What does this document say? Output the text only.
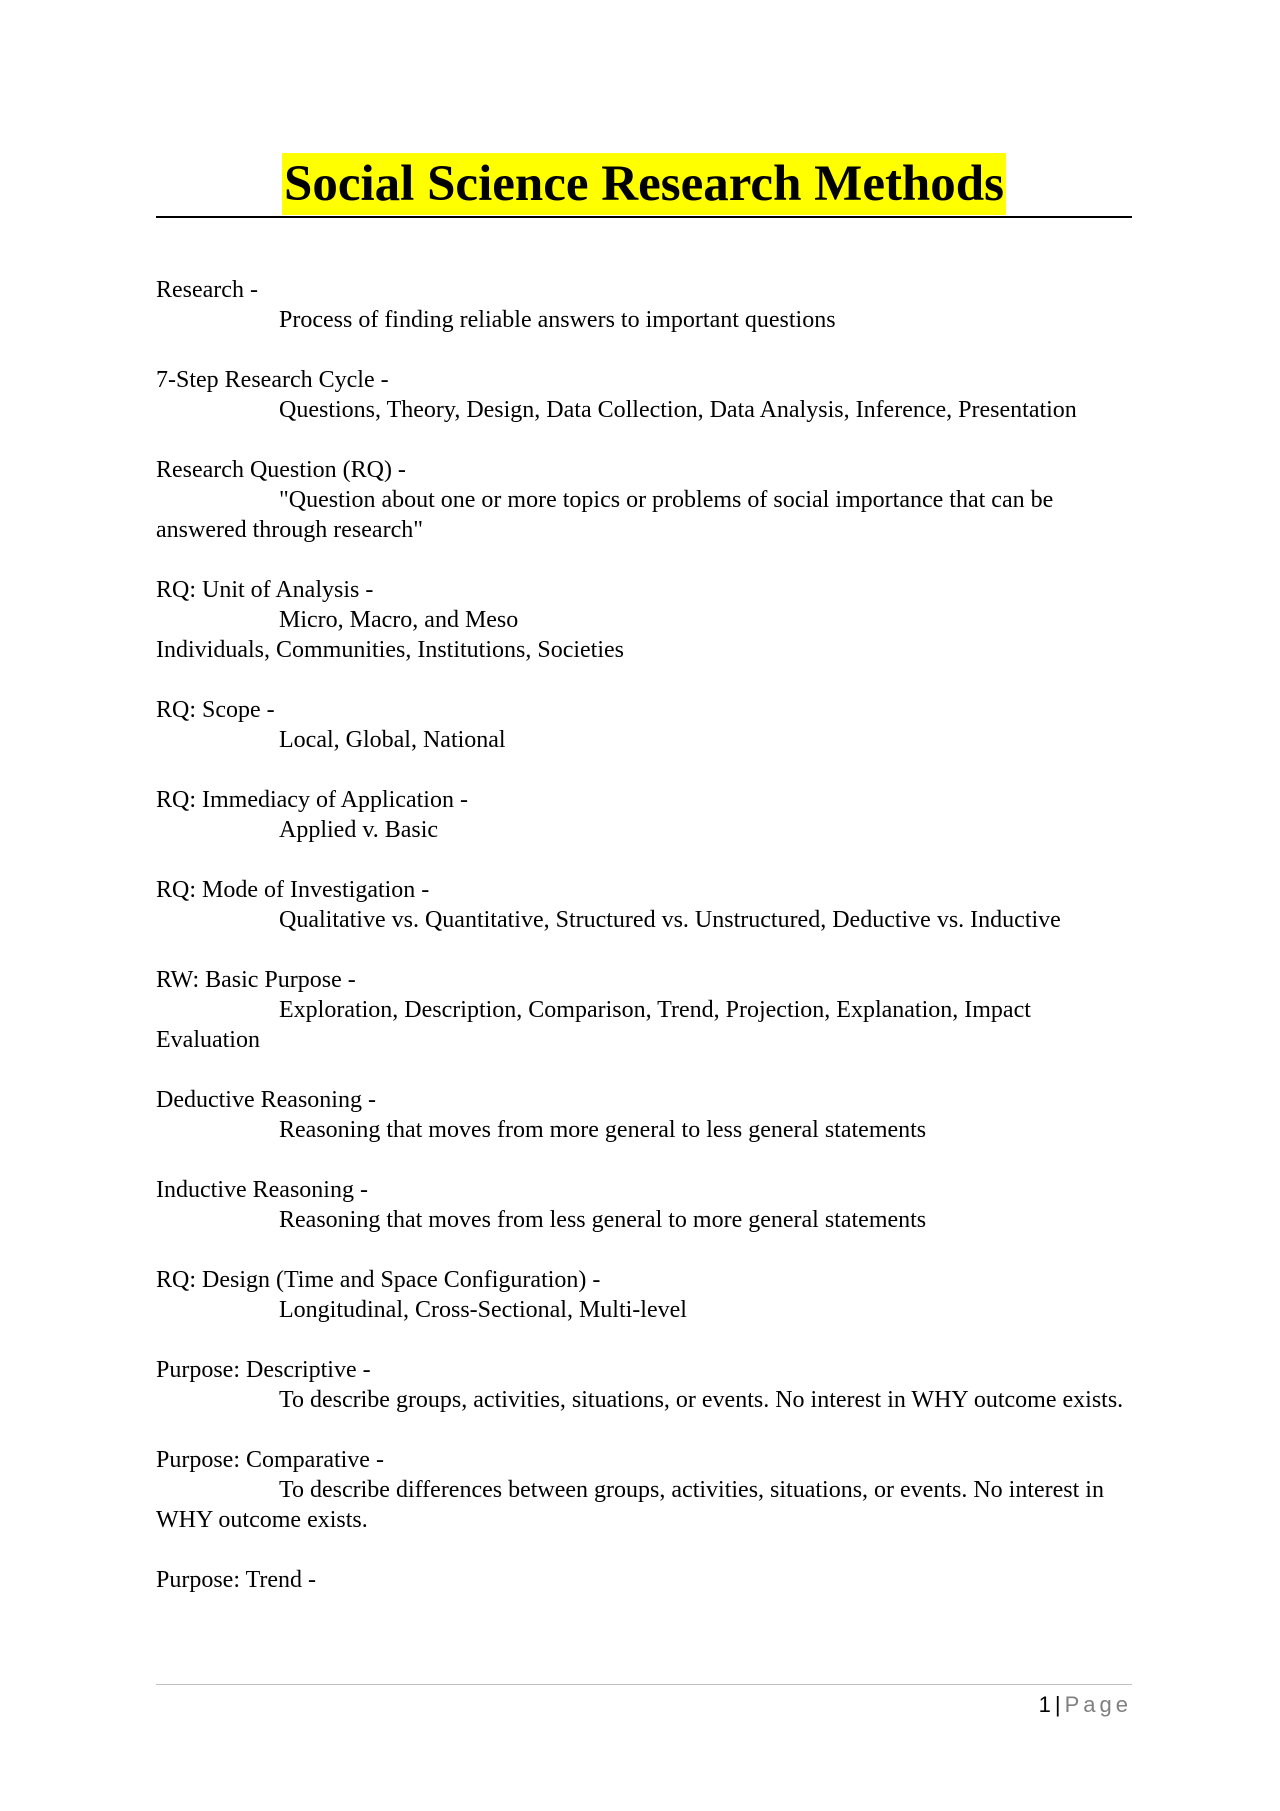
Social Science Research Methods
Research -
Process of finding reliable answers to important questions
7-Step Research Cycle -
Questions, Theory, Design, Data Collection, Data Analysis, Inference, Presentation
Research Question (RQ) -
"Question about one or more topics or problems of social importance that can be answered through research"
RQ: Unit of Analysis -
Micro, Macro, and Meso
Individuals, Communities, Institutions, Societies
RQ: Scope -
Local, Global, National
RQ: Immediacy of Application -
Applied v. Basic
RQ: Mode of Investigation -
Qualitative vs. Quantitative, Structured vs. Unstructured, Deductive vs. Inductive
RW: Basic Purpose -
Exploration, Description, Comparison, Trend, Projection, Explanation, Impact Evaluation
Deductive Reasoning -
Reasoning that moves from more general to less general statements
Inductive Reasoning -
Reasoning that moves from less general to more general statements
RQ: Design (Time and Space Configuration) -
Longitudinal, Cross-Sectional, Multi-level
Purpose: Descriptive -
To describe groups, activities, situations, or events. No interest in WHY outcome exists.
Purpose: Comparative -
To describe differences between groups, activities, situations, or events. No interest in WHY outcome exists.
Purpose: Trend -
1 | Page
